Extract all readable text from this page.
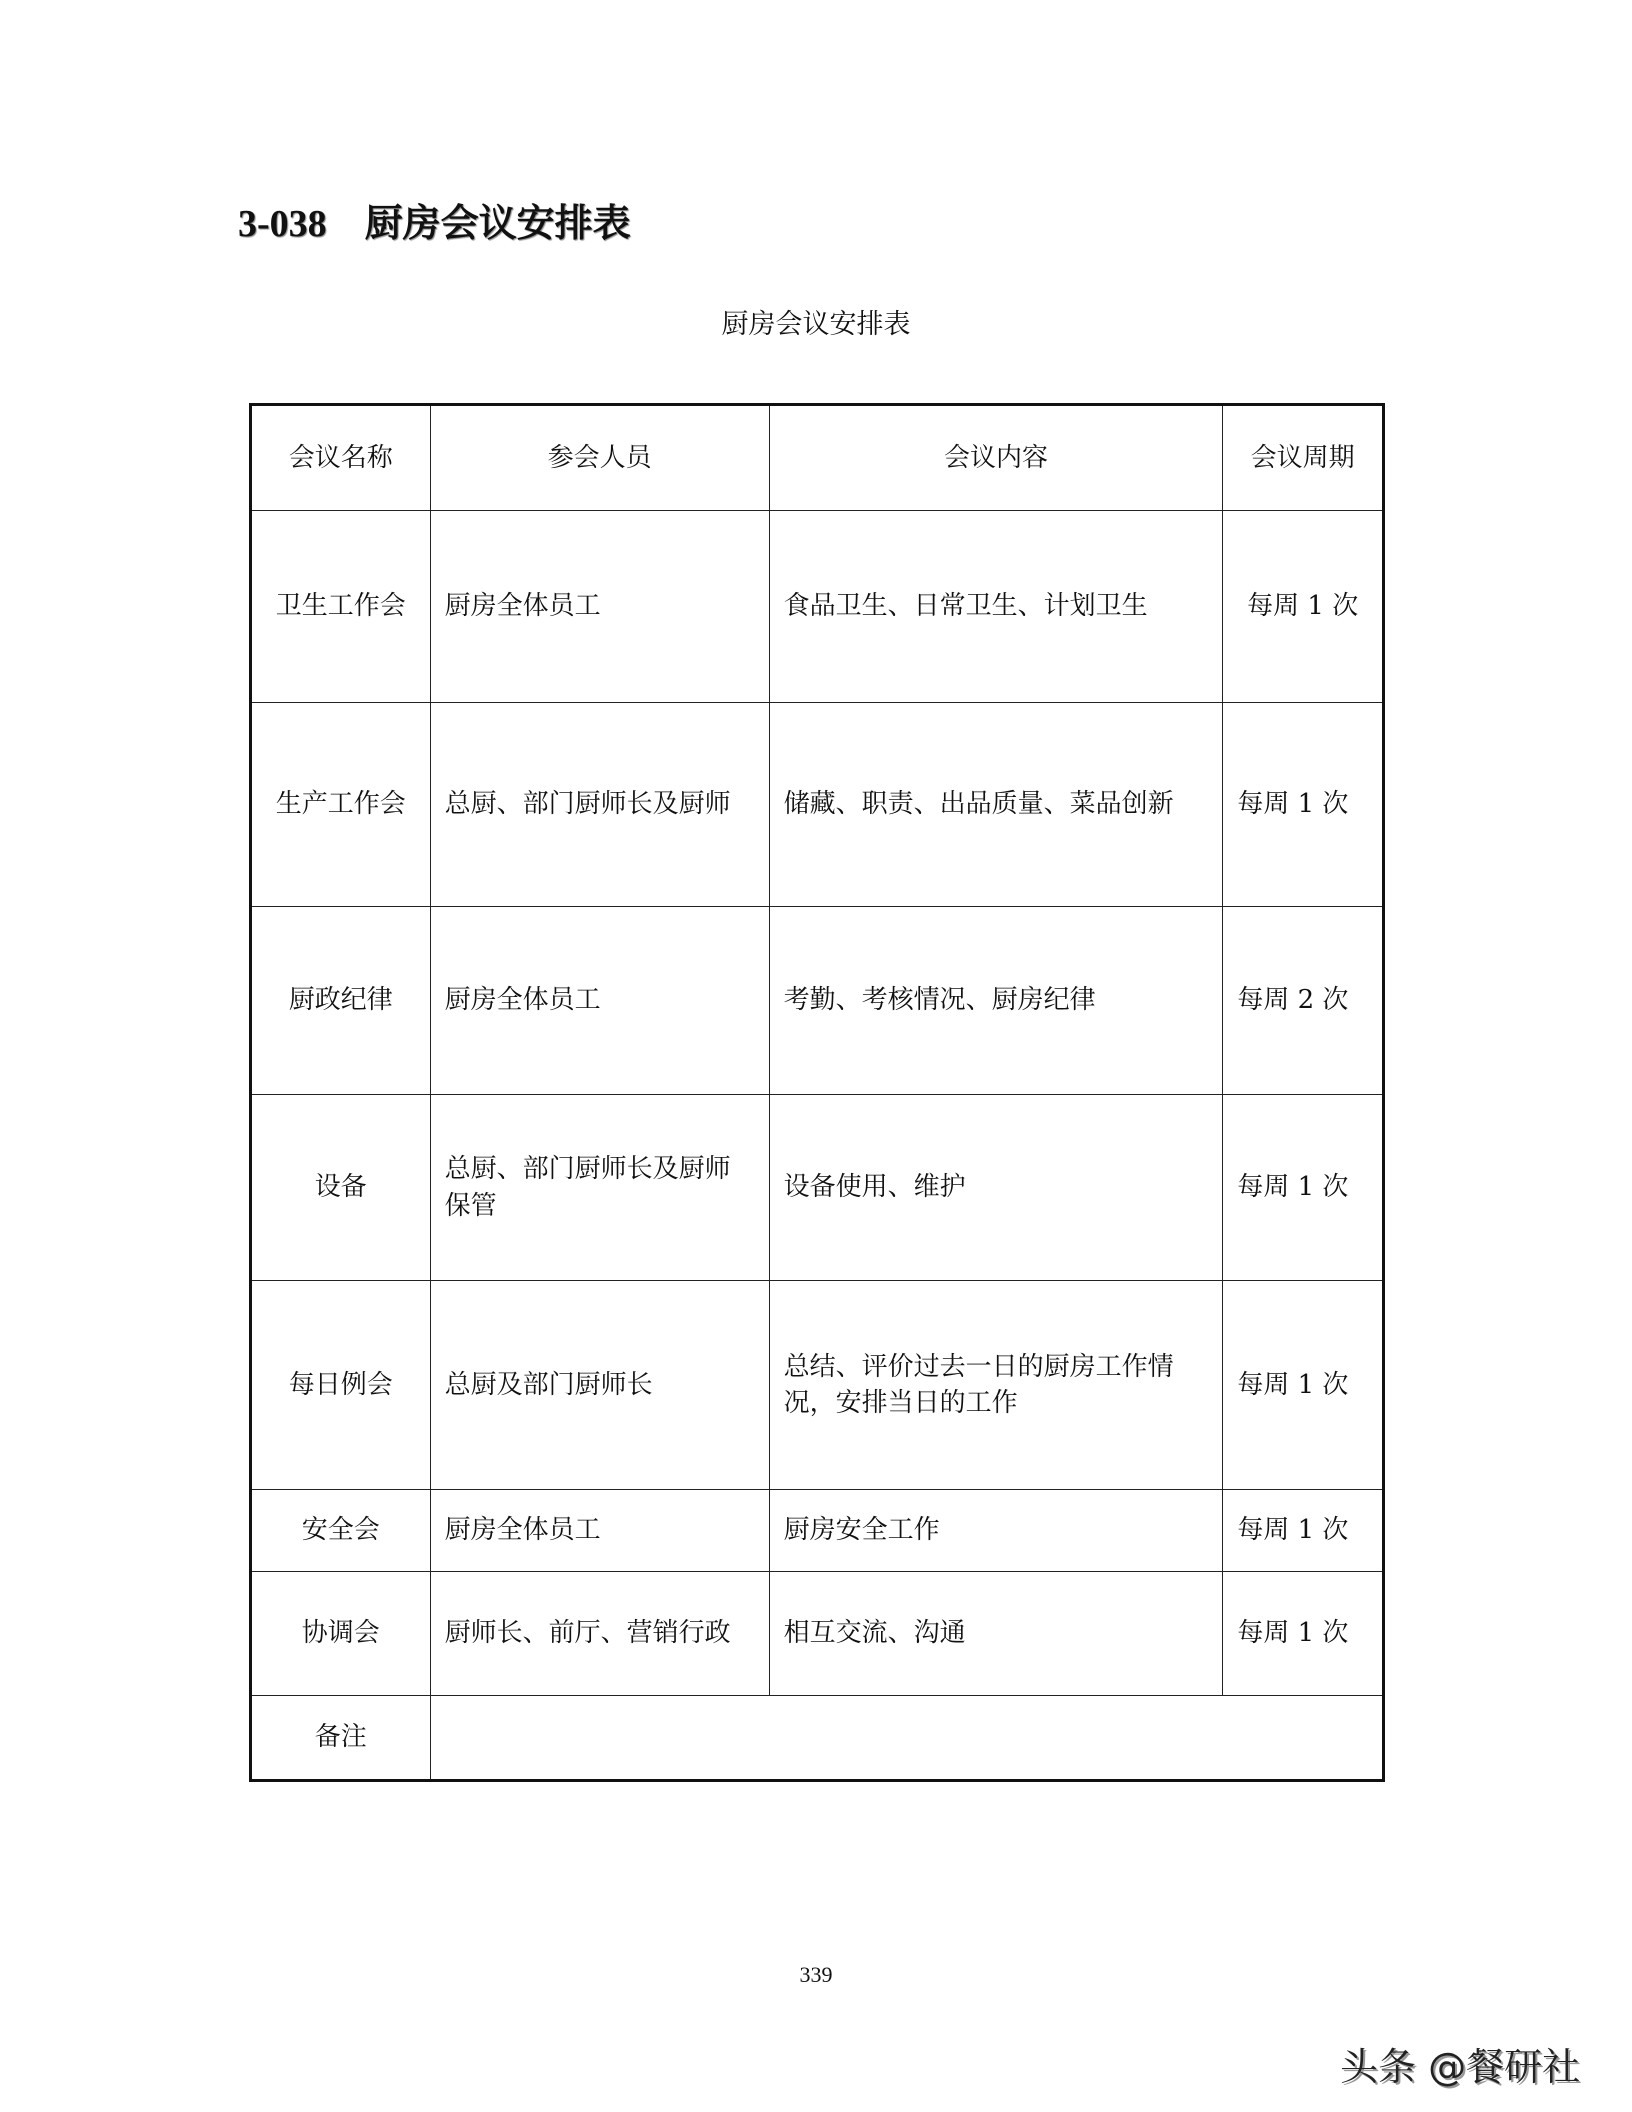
3-038 厨房会议安排表
厨房会议安排表
会议名称	参会人员	会议内容	会议周期
卫生工作会	厨房全体员工	食品卫生、日常卫生、计划卫生	每周 1 次
生产工作会	总厨、部门厨师长及厨师	储藏、职责、出品质量、菜品创新	每周 1 次
厨政纪律	厨房全体员工	考勤、考核情况、厨房纪律	每周 2 次
设备	总厨、部门厨师长及厨师保管	设备使用、维护	每周 1 次
每日例会	总厨及部门厨师长	总结、评价过去一日的厨房工作情况，安排当日的工作	每周 1 次
安全会	厨房全体员工	厨房安全工作	每周 1 次
协调会	厨师长、前厅、营销行政	相互交流、沟通	每周 1 次
备注			
339
头条 @餐研社
